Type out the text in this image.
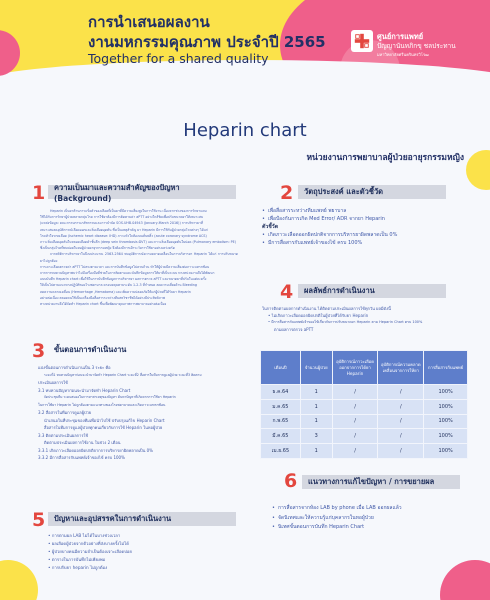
การนำเสนอผลงาน
งานมหกรรมคุณภาพ ประจำปี 2565
Together for a shared quality
ศูนย์การแพทย์
ปัญญานันทภิกขุ ชลประทาน
มหาวิทยาลัยศรีนครินทรวิโรฒ
Heparin chart
หน่วยงานการพยาบาลผู้ป่วยอายุรกรรมหญิง
1	ความเป็นมาและความสำคัญของปัญหา (Background)
Heparin เป็นยาต้านการแข็งตัวของเลือดที่เป็นยาที่มีความเสี่ยงสูงในการใช้งาน เนื่องจากช่วงของการรักษาแคบ
ใช้ได้กับการรักษาผู้ป่วยหลายกลุ่มโรค การใช้ยาต้องมีการติดตามค่า aPTT อย่างใกล้ชิดเพื่อปรับขนาดยาให้เหมาะสม
(แหล่งข้อมูล: คณะกรรมการเภสัชกรรมและการบำบัด SOS.UHB.04943 (January-March 2016)) การบริหารยาที่
เหมาะสมลดอุบัติการณ์เลือดออกและลิ่มเลือดอุดตัน ซึ่งเป็นเหตุสำคัญ ยา Heparin มีการใช้กับผู้ป่วยกลุ่มโรคต่างๆ ได้แก่
โรคหัวใจขาดเลือด (Ischemic heart disease: IHD) ภาวะหัวใจห้องบนสั่นพลิ้ว (acute coronary syndrome ACS)
ภาวะลิ่มเลือดอุดตันในหลอดเลือดดำชั้นลึก (deep vein thrombosis:DVT) และภาวะลิ่มเลือดอุดตันในปอด (Pulmonary embolism: PE)
ซึ่งเป็นกลุ่มโรคที่พบบ่อยในหอผู้ป่วยอายุรกรรมหญิง จึงต้องมีการเฝ้าระวังการใช้ยาอย่างเคร่งครัด
จากสถิติการบริหารยาในปีงบประมาณ 2563-2564 พบอุบัติการณ์ความคลาดเคลื่อนในการบริหารยา Heparin ได้แก่ การปรับขนาดยาไม่ถูกต้อง
การเจาะเลือดตรวจค่า aPTT ไม่ตรงตามเวลา และการบันทึกข้อมูลไม่ครบถ้วน ทำให้ผู้ป่วยมีความเสี่ยงต่อภาวะแทรกซ้อน
จากการทบทวนปัญหาพบว่าไม่มีเครื่องมือที่ช่วยในการติดตามและบันทึกข้อมูลการให้ยาที่เป็นระบบ ทางหน่วยงานจึงได้พัฒนา
แบบบันทึก Heparin chart เพื่อใช้ในการบันทึกข้อมูลการบริหารยา ผลการตรวจ aPTT และขนาดยาที่ปรับในแต่ละครั้ง
ให้เป็นไปตามแนวทางปฏิบัติของโรงพยาบาล ครอบคลุมตามระดับ 1-2-3 ที่กำหนด ลดความเสี่ยงด้าน Bleeding
ลดความคลาดเคลื่อน (Hemorrhage ,Hematoma) และเพิ่มความปลอดภัยให้แก่ผู้ป่วยที่ได้รับยา Heparin
อย่างต่อเนื่อง ตลอดจนใช้เป็นเครื่องมือสื่อสารระหว่างทีมสหวิชาชีพได้อย่างมีประสิทธิภาพ
ทางหน่วยงานจึงได้จัดทำ Heparin chart ขึ้นเพื่อพัฒนาคุณภาพการพยาบาลอย่างต่อเนื่อง
2	วัตถุประสงค์ และตัวชี้วัด
• เพื่อสื่อสารระหว่างทีมแพทย์ พยาบาล
• เพื่อป้องกันการเกิด Med Error/ ADR จากยา Heparin
ตัวชี้วัด
• เกิดภาวะเลือดออกผิดปกติจากการบริหารยาผิดพลาดเป็น 0%
• มีการสื่อสารกับแพทย์เจ้าของไข้ ครบ 100%
3	ขั้นตอนการดำเนินงาน
แบ่งขั้นตอนการดำเนินงานเป็น 3 ระยะ คือ
ระยะที่1 ทบทวนปัญหาก่อนจะนำมาจัดทำ Heparin Chart ระยะที่2 สื่อสารในทีมการดูแลผู้ป่วย ระยะที่3 ติดตาม
ประเมินผลการใช้
3.1 ทบทวนปัญหาก่อนจะนำมาจัดทำ Heparin Chart
จัดประชุมทีม ระดมสมองในการหาสาเหตุของปัญหา ค้นหาปัญหาที่เกิดจากการใช้ยา Heparin
ในการใช้ยา Heparin ไม่ถูกต้องตามแนวทางของโรงพยาบาลและเกิดภาวะแทรกซ้อน
3.2 สื่อสารในทีมการดูแลผู้ป่วย
นำเสนอในที่ประชุมของทีมเพื่อนำไปใช้ ปรับปรุงแก้ไข Heparin Chart
สื่อสารในทีมการดูแลผู้ป่วยทุกคนเกี่ยวกับการใช้ Heparin ในหอผู้ป่วย
3.3 ติดตามประเมินผลการใช้
ติดตามประเมินผลการใช้งาน ในช่วง 2 เดือน
3.3.1 เกิดภาวะเลือดออกผิดปกติจากการบริหารยาผิดพลาดเป็น 0%
3.3.2 มีการสื่อสารกับแพทย์เจ้าของไข้ ครบ 100%
4	ผลลัพธ์การดำเนินงาน
ในการติดตามผลการดำเนินงาน ได้ติดตามประเมินผลการใช้ทุกวัน ผลมีดังนี้
• ไม่เกิดภาวะเลือดออกผิดปกติในผู้ป่วยที่ได้รับยา Heparin
• มีการสื่อสารกับแพทย์เจ้าของไข้เกี่ยวกับการปรับขนาดยา Heparin ตาม Heparin Chart ครบ 100%
ตามผลการตรวจ aPTT
เดือนปี	จำนวนผู้ป่วย	อุบัติการณ์ภาวะเลือดออกจากการได้ยา Heparin	อุบัติการณ์ความคลาดเคลื่อนจากการให้ยา	การสื่อสารกับแพทย์
ธ.ค.64	1	/	/	100%
ม.ค.65	1	/	/	100%
ก.พ.65	1	/	/	100%
มี.ค.65	3	/	/	100%
เม.ย.65	1	/	/	100%
5	ปัญหาและอุปสรรคในการดำเนินงาน
• การตามผล LAB ไม่ได้ในบางช่วงเวลา
• ผลเลือดผู้ป่วยจากตัวอย่างที่ส่งบางครั้งไม่ได้
• ผู้ป่วยบางคนมีความจำเป็นต้องเจาะเลือดบ่อย
• ตารางในการบันทึกไม่เพียงพอ
• การปรับยา heparin ไม่ถูกต้อง
6	แนวทางการแก้ไขปัญหา / การขยายผล
• การสื่อสารจากห้อง LAB by phone เมื่อ LAB ออกผลแล้ว
• จัดนิเทศและให้ความรู้แก่บุคลากรในหอผู้ป่วย
• นิเทศขั้นตอนการบันทึก Heparin Chart
